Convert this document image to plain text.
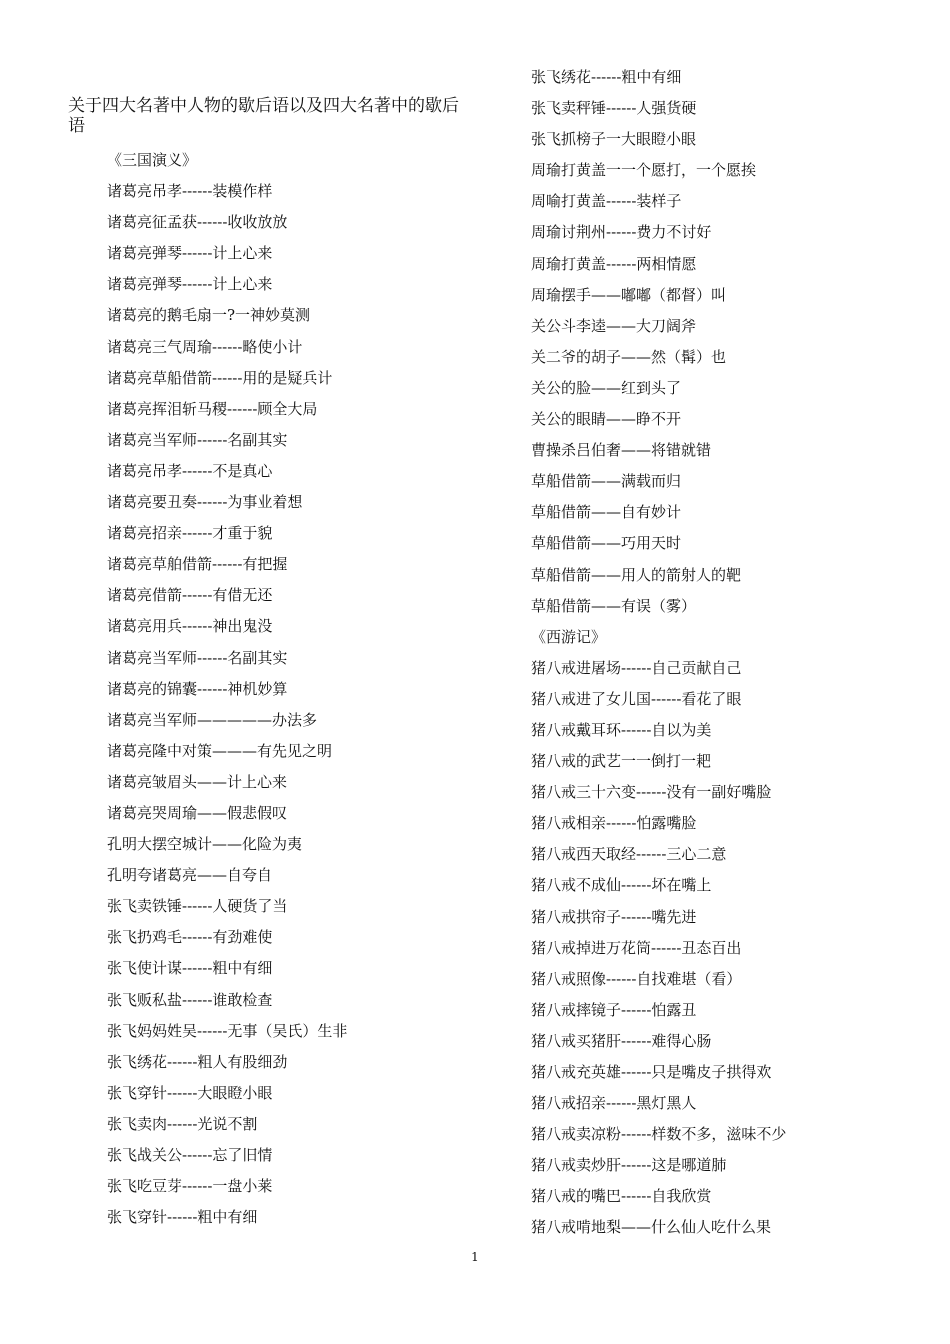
关于四大名著中人物的歇后语以及四大名著中的歇后语
《三国演义》
诸葛亮吊孝------装模作样
诸葛亮征孟获------收收放放
诸葛亮弹琴------计上心来
诸葛亮弹琴------计上心来
诸葛亮的鹅毛扇一?一神妙莫测
诸葛亮三气周瑜------略使小计
诸葛亮草船借箭------用的是疑兵计
诸葛亮挥泪斩马稷------顾全大局
诸葛亮当军师------名副其实
诸葛亮吊孝------不是真心
诸葛亮要丑奏------为事业着想
诸葛亮招亲------才重于貌
诸葛亮草舶借箭------有把握
诸葛亮借箭------有借无还
诸葛亮用兵------神出鬼没
诸葛亮当军师------名副其实
诸葛亮的锦囊------神机妙算
诸葛亮当军师—————办法多
诸葛亮隆中对策———有先见之明
诸葛亮皱眉头——计上心来
诸葛亮哭周瑜——假悲假叹
孔明大摆空城计——化险为夷
孔明夸诸葛亮——自夸自
张飞卖铁锤------人硬货了当
张飞扔鸡毛------有劲难使
张飞使计谋------粗中有细
张飞贩私盐------谁敢检查
张飞妈妈姓吴------无事（吴氏）生非
张飞绣花------粗人有股细劲
张飞穿针------大眼瞪小眼
张飞卖肉------光说不割
张飞战关公------忘了旧情
张飞吃豆芽------一盘小莱
张飞穿针------粗中有细
张飞绣花------粗中有细
张飞卖秤锤------人强货硬
张飞抓榜子一大眼瞪小眼
周瑜打黄盖一一个愿打，一个愿挨
周喻打黄盖------装样子
周瑜讨荆州------费力不讨好
周瑜打黄盖------两相情愿
周瑜摆手——嘟嘟（都督）叫
关公斗李逵——大刀阔斧
关二爷的胡子——然（髯）也
关公的脸——红到头了
关公的眼睛——睁不开
曹操杀吕伯奢——将错就错
草船借箭——满载而归
草船借箭——自有妙计
草船借箭——巧用天时
草船借箭——用人的箭射人的靶
草船借箭——有误（雾）
《西游记》
猪八戒进屠场------自己贡献自己
猪八戒进了女儿国------看花了眼
猪八戒戴耳环------自以为美
猪八戒的武艺一一倒打一耙
猪八戒三十六变------没有一副好嘴脸
猪八戒相亲------怕露嘴脸
猪八戒西天取经------三心二意
猪八戒不成仙------坏在嘴上
猪八戒拱帘子------嘴先进
猪八戒掉进万花筒------丑态百出
猪八戒照像------自找难堪（看）
猪八戒摔镜子------怕露丑
猪八戒买猪肝------难得心肠
猪八戒充英雄------只是嘴皮子拱得欢
猪八戒招亲------黑灯黑人
猪八戒卖凉粉------样数不多，滋味不少
猪八戒卖炒肝------这是哪道肺
猪八戒的嘴巴------自我欣赏
猪八戒啃地梨——什么仙人吃什么果
1
